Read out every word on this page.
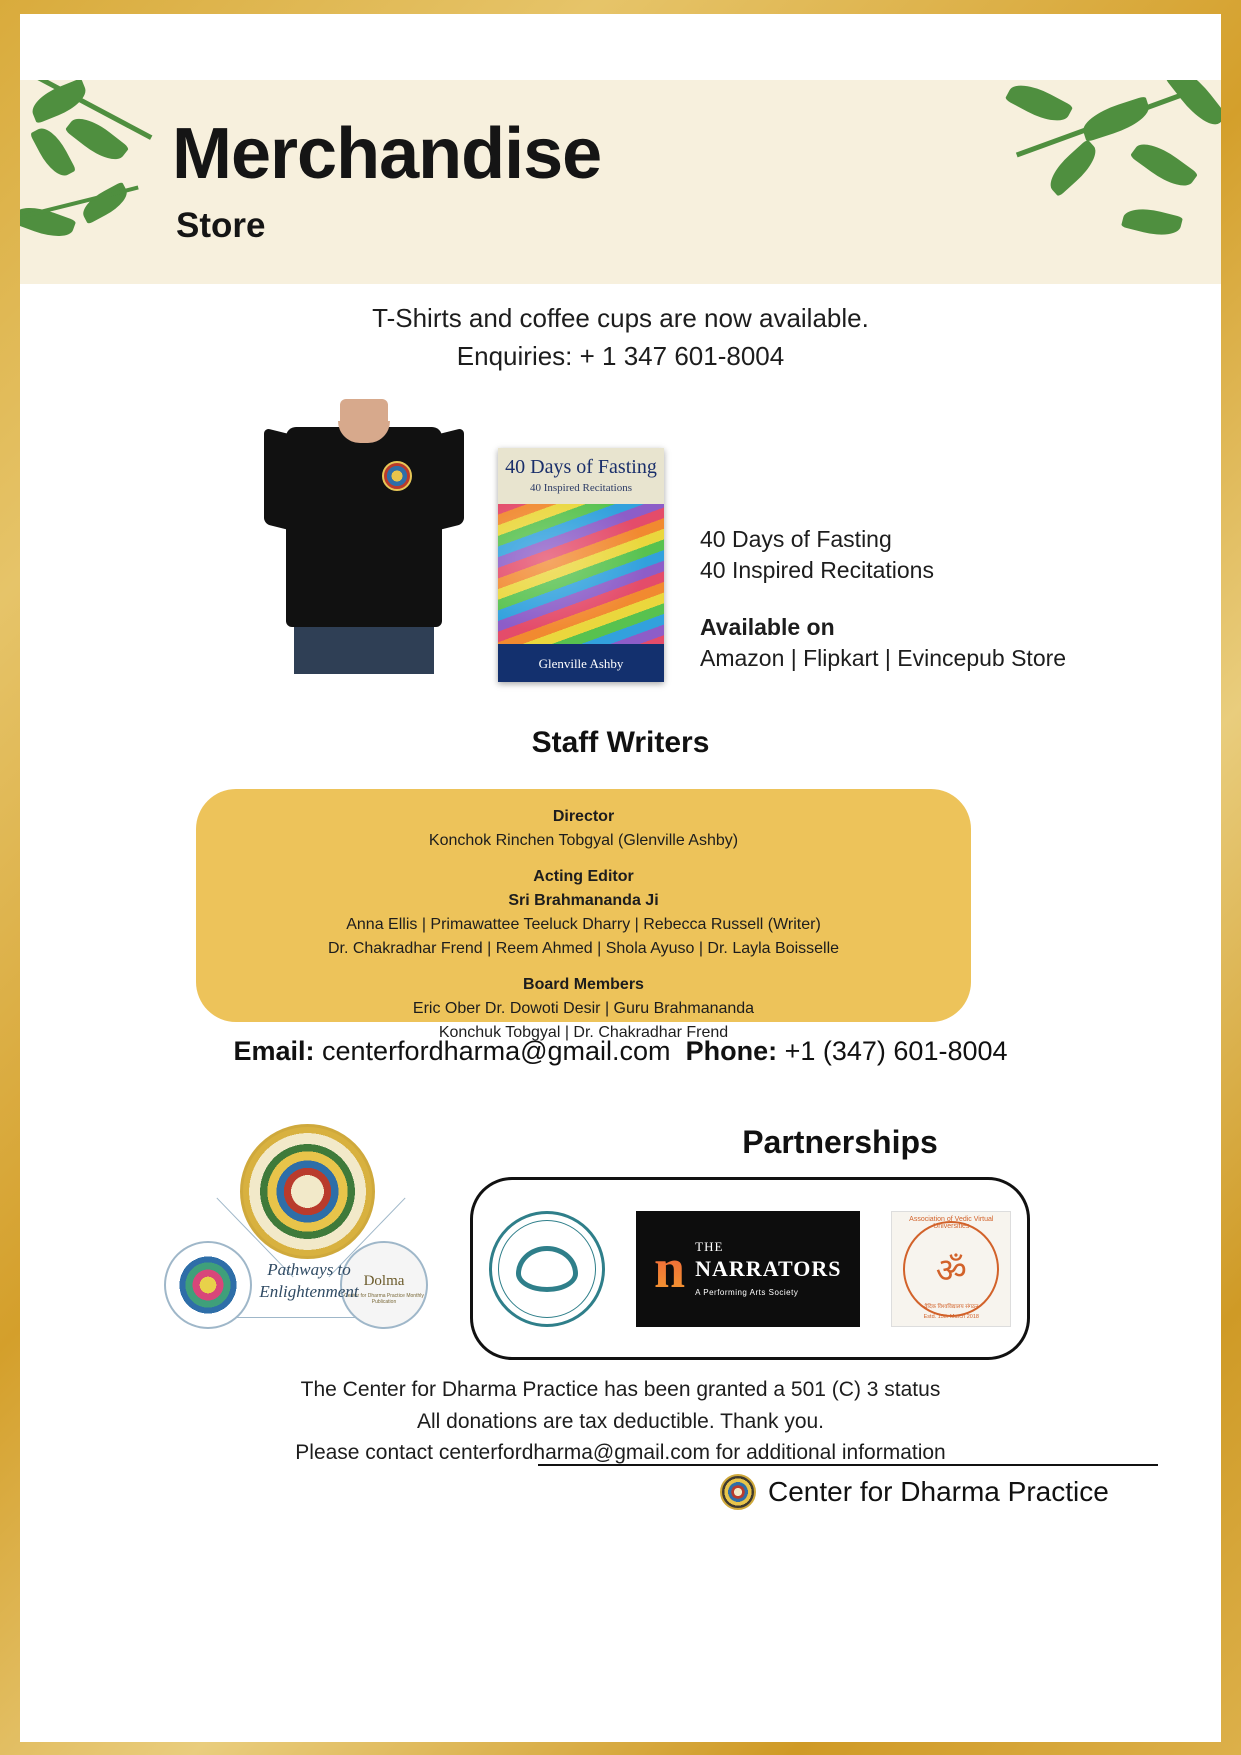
Merchandise
Store
T-Shirts and coffee cups are now available.
Enquiries: + 1 347 601-8004
40 Days of Fasting
40 Inspired Recitations
Glenville Ashby
40 Days of Fasting
40 Inspired Recitations
Available on
Amazon | Flipkart | Evincepub Store
Staff Writers
Director
Konchok Rinchen Tobgyal (Glenville Ashby)
Acting Editor
Sri Brahmananda Ji
Anna Ellis | Primawattee Teeluck Dharry | Rebecca Russell (Writer)
Dr. Chakradhar Frend | Reem Ahmed | Shola Ayuso | Dr. Layla Boisselle
Board Members
Eric Ober Dr. Dowoti Desir | Guru Brahmananda
Konchuk Tobgyal | Dr. Chakradhar Frend
Email: centerfordharma@gmail.com Phone: +1 (347) 601-8004
Dolma
Center for Dharma Practice Monthly Publication
Pathways to
Enlightenment
Partnerships
n THE
NARRATORS
A Performing Arts Society
Association of Vedic Virtual Universities
ॐ
वैदिक विश्वविद्यालय संगठन
Estd. 15th March 2018
The Center for Dharma Practice has been granted a 501 (C) 3 status
All donations are tax deductible. Thank you.
Please contact centerfordharma@gmail.com for additional information
Center for Dharma Practice
